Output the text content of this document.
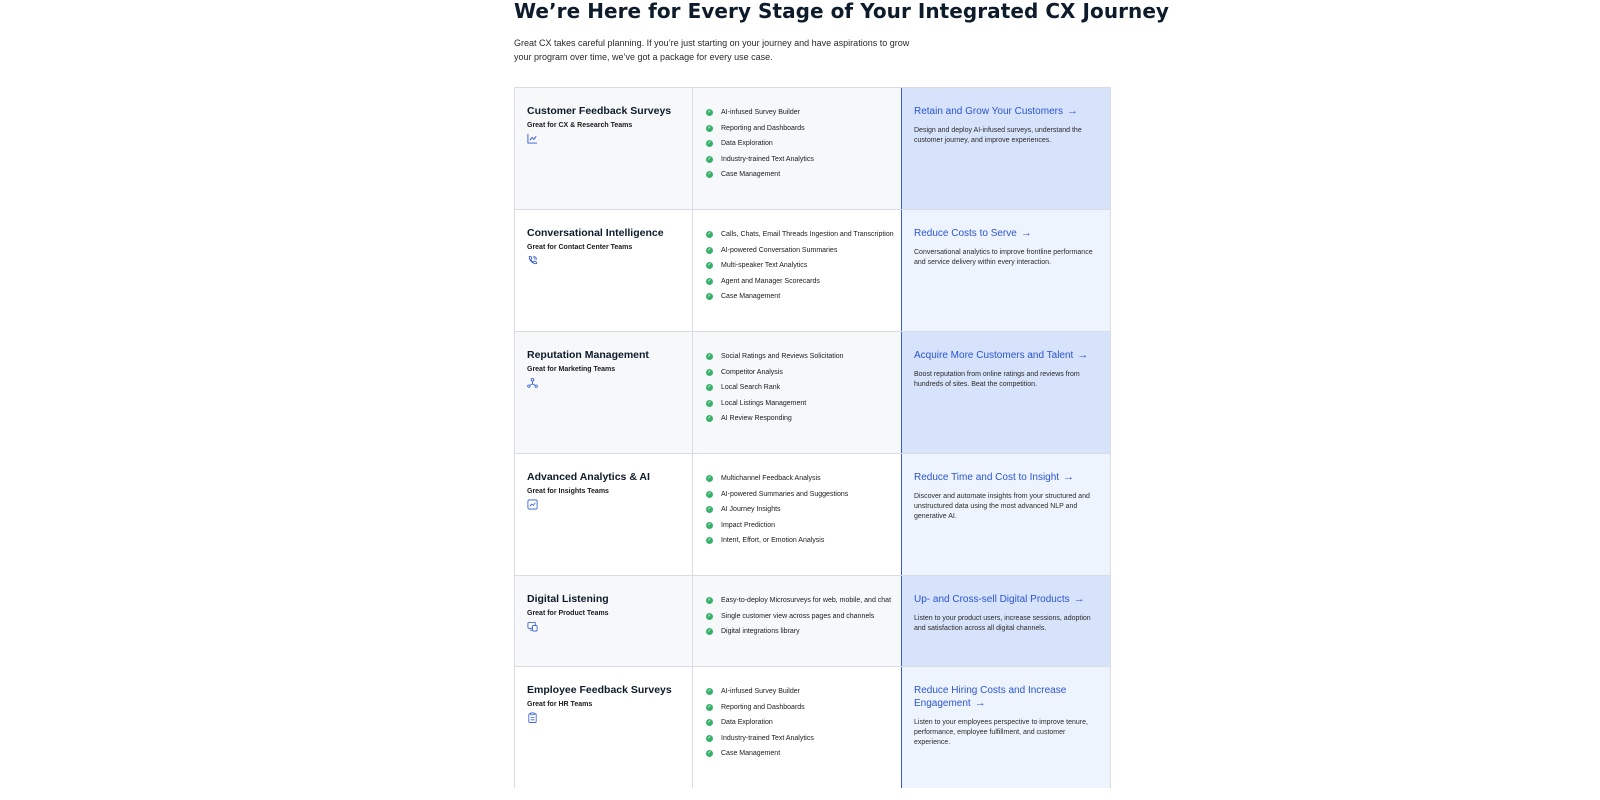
We’re Here for Every Stage of Your Integrated CX Journey

Great CX takes careful planning. If you’re just starting on your journey and have aspirations to grow your program over time, we’ve got a package for every use case.

Customer Feedback Surveys
Great for CX & Research Teams
✓ AI-infused Survey Builder
✓ Reporting and Dashboards
✓ Data Exploration
✓ Industry-trained Text Analytics
✓ Case Management
Retain and Grow Your Customers →

Design and deploy AI-infused surveys, understand the customer journey, and improve experiences.

Conversational Intelligence
Great for Contact Center Teams
✓ Calls, Chats, Email Threads Ingestion and Transcription
✓ AI-powered Conversation Summaries
✓ Multi-speaker Text Analytics
✓ Agent and Manager Scorecards
✓ Case Management
Reduce Costs to Serve →

Conversational analytics to improve frontline performance and service delivery within every interaction.

Reputation Management
Great for Marketing Teams
✓ Social Ratings and Reviews Solicitation
✓ Competitor Analysis
✓ Local Search Rank
✓ Local Listings Management
✓ AI Review Responding
Acquire More Customers and Talent →

Boost reputation from online ratings and reviews from hundreds of sites. Beat the competition.

Advanced Analytics & AI
Great for Insights Teams
✓ Multichannel Feedback Analysis
✓ AI-powered Summaries and Suggestions
✓ AI Journey Insights
✓ Impact Prediction
✓ Intent, Effort, or Emotion Analysis
Reduce Time and Cost to Insight →

Discover and automate insights from your structured and unstructured data using the most advanced NLP and generative AI.

Digital Listening
Great for Product Teams
✓ Easy-to-deploy Microsurveys for web, mobile, and chat
✓ Single customer view across pages and channels
✓ Digital integrations library
Up- and Cross-sell Digital Products →

Listen to your product users, increase sessions, adoption and satisfaction across all digital channels.

Employee Feedback Surveys
Great for HR Teams
✓ AI-infused Survey Builder
✓ Reporting and Dashboards
✓ Data Exploration
✓ Industry-trained Text Analytics
✓ Case Management
Reduce Hiring Costs and Increase Engagement →

Listen to your employees perspective to improve tenure, performance, employee fulfillment, and customer experience.
